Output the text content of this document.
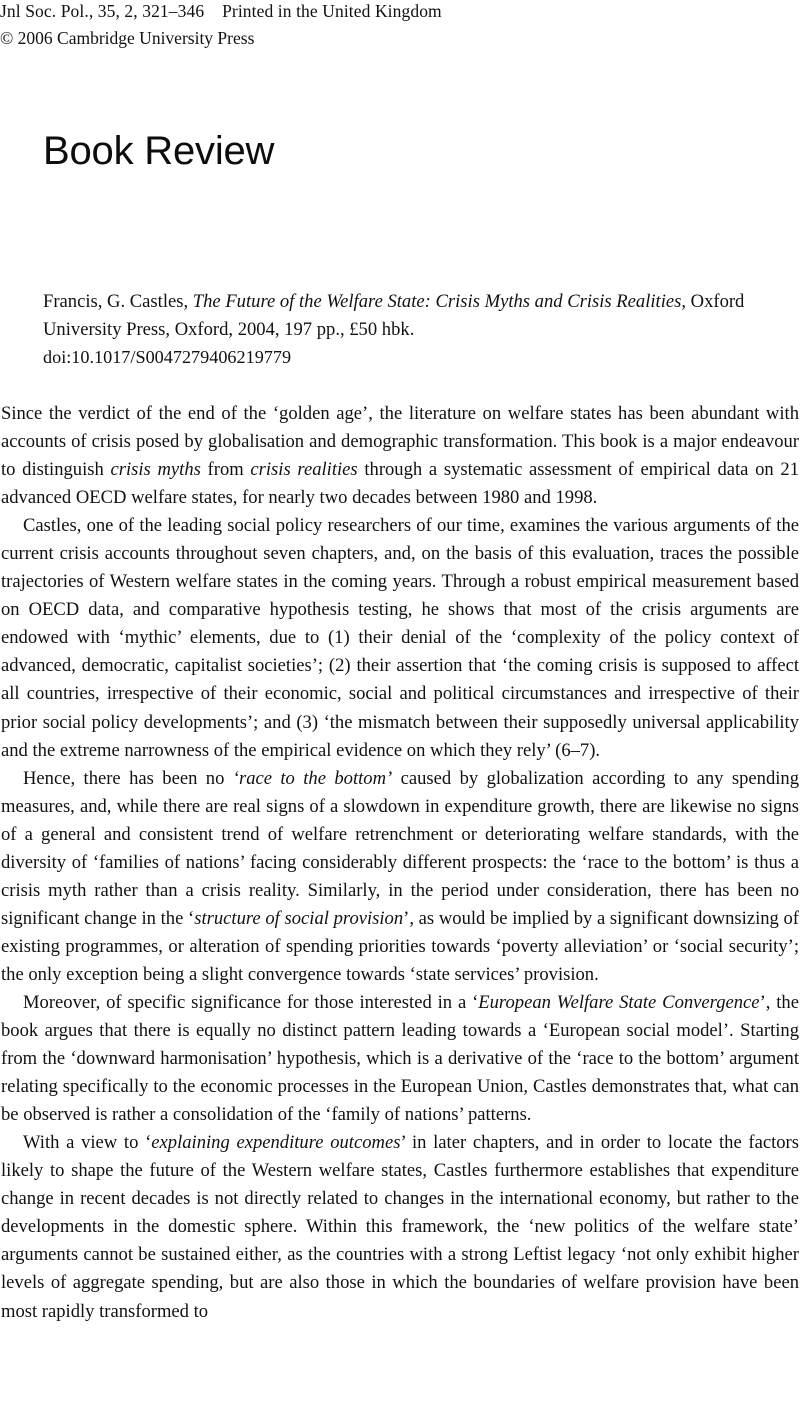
Jnl Soc. Pol., 35, 2, 321–346    Printed in the United Kingdom
© 2006 Cambridge University Press
Book Review
Francis, G. Castles, The Future of the Welfare State: Crisis Myths and Crisis Realities, Oxford University Press, Oxford, 2004, 197 pp., £50 hbk.
doi:10.1017/S0047279406219779

Since the verdict of the end of the ‘golden age’, the literature on welfare states has been abundant with accounts of crisis posed by globalisation and demographic transformation. This book is a major endeavour to distinguish crisis myths from crisis realities through a systematic assessment of empirical data on 21 advanced OECD welfare states, for nearly two decades between 1980 and 1998.

Castles, one of the leading social policy researchers of our time, examines the various arguments of the current crisis accounts throughout seven chapters, and, on the basis of this evaluation, traces the possible trajectories of Western welfare states in the coming years. Through a robust empirical measurement based on OECD data, and comparative hypothesis testing, he shows that most of the crisis arguments are endowed with ‘mythic’ elements, due to (1) their denial of the ‘complexity of the policy context of advanced, democratic, capitalist societies’; (2) their assertion that ‘the coming crisis is supposed to affect all countries, irrespective of their economic, social and political circumstances and irrespective of their prior social policy developments’; and (3) ‘the mismatch between their supposedly universal applicability and the extreme narrowness of the empirical evidence on which they rely’ (6–7).

Hence, there has been no ‘race to the bottom’ caused by globalization according to any spending measures, and, while there are real signs of a slowdown in expenditure growth, there are likewise no signs of a general and consistent trend of welfare retrenchment or deteriorating welfare standards, with the diversity of ‘families of nations’ facing considerably different prospects: the ‘race to the bottom’ is thus a crisis myth rather than a crisis reality. Similarly, in the period under consideration, there has been no significant change in the ‘structure of social provision’, as would be implied by a significant downsizing of existing programmes, or alteration of spending priorities towards ‘poverty alleviation’ or ‘social security’; the only exception being a slight convergence towards ‘state services’ provision.

Moreover, of specific significance for those interested in a ‘European Welfare State Convergence’, the book argues that there is equally no distinct pattern leading towards a ‘European social model’. Starting from the ‘downward harmonisation’ hypothesis, which is a derivative of the ‘race to the bottom’ argument relating specifically to the economic processes in the European Union, Castles demonstrates that, what can be observed is rather a consolidation of the ‘family of nations’ patterns.

With a view to ‘explaining expenditure outcomes’ in later chapters, and in order to locate the factors likely to shape the future of the Western welfare states, Castles furthermore establishes that expenditure change in recent decades is not directly related to changes in the international economy, but rather to the developments in the domestic sphere. Within this framework, the ‘new politics of the welfare state’ arguments cannot be sustained either, as the countries with a strong Leftist legacy ‘not only exhibit higher levels of aggregate spending, but are also those in which the boundaries of welfare provision have been most rapidly transformed to
